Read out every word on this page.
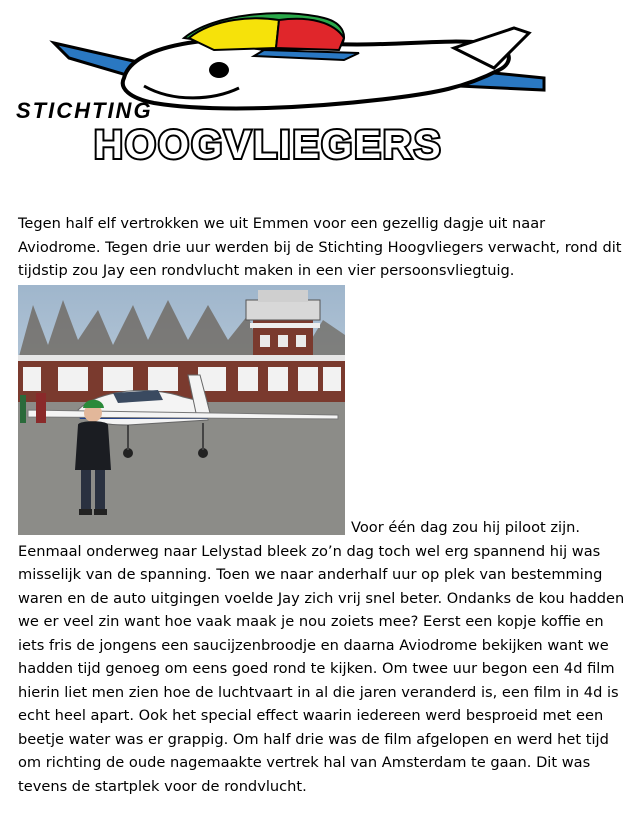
STICHTING
HOOGVLIEGERS
Tegen half elf vertrokken we uit Emmen voor een gezellig dagje uit naar Aviodrome. Tegen drie uur werden bij de Stichting Hoogvliegers verwacht, rond dit tijdstip zou Jay een rondvlucht maken in een vier persoonsvliegtuig.
Voor één dag zou hij piloot zijn. Eenmaal onderweg naar Lelystad bleek zo’n dag toch wel erg spannend hij was misselijk van de spanning. Toen we naar anderhalf uur op plek van bestemming waren en de auto uitgingen voelde Jay zich vrij snel beter. Ondanks de kou hadden we er veel zin want hoe vaak maak je nou zoiets mee? Eerst een kopje koffie en iets fris de jongens een saucijzenbroodje en daarna Aviodrome bekijken want we hadden tijd genoeg om eens goed rond te kijken. Om twee uur begon een 4d film hierin liet men zien hoe de luchtvaart in al die jaren veranderd is, een film in 4d is echt heel apart. Ook het special effect waarin iedereen werd besproeid met een beetje water was er grappig. Om half drie was de film afgelopen en werd het tijd om richting de oude nagemaakte vertrek hal van Amsterdam te gaan. Dit was tevens de startplek voor de rondvlucht.
